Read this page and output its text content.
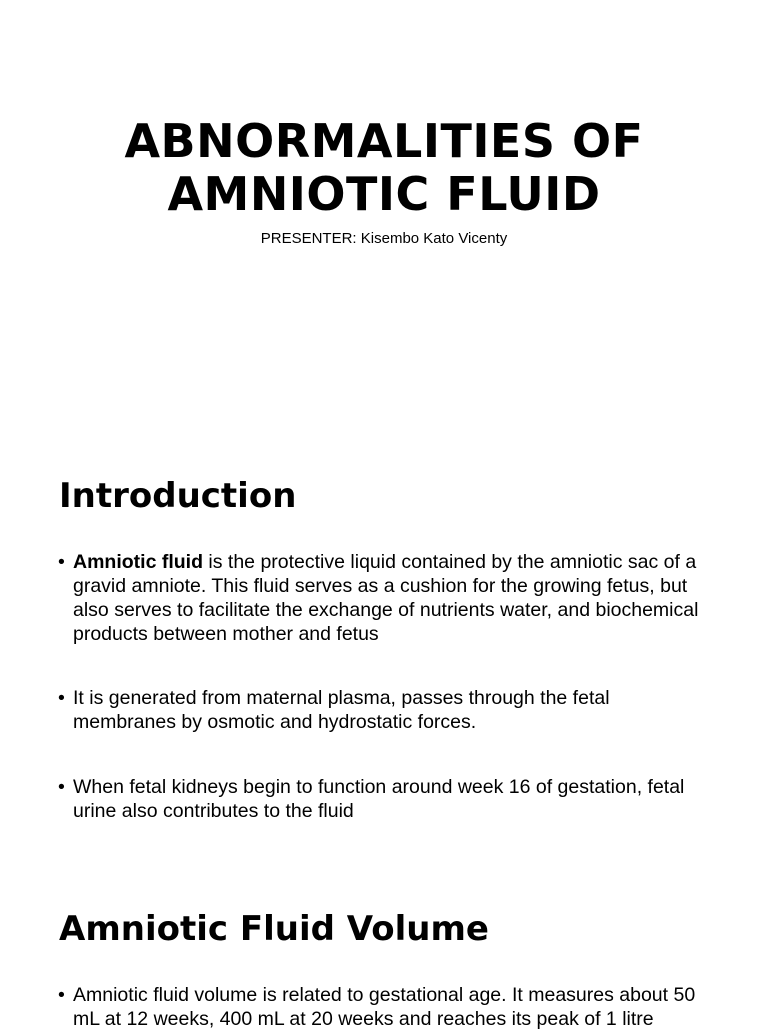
ABNORMALITIES OF
AMNIOTIC FLUID
PRESENTER: Kisembo Kato Vicenty
Introduction
• Amniotic fluid is the protective liquid contained by the amniotic sac of a gravid amniote. This fluid serves as a cushion for the growing fetus, but also serves to facilitate the exchange of nutrients water, and biochemical products between mother and fetus
• It is generated from maternal plasma, passes through the fetal membranes by osmotic and hydrostatic forces.
• When fetal kidneys begin to function around week 16 of gestation, fetal urine also contributes to the fluid
Amniotic Fluid Volume
• Amniotic fluid volume is related to gestational age. It measures about 50 mL at 12 weeks, 400 mL at 20 weeks and reaches its peak of 1 litre
